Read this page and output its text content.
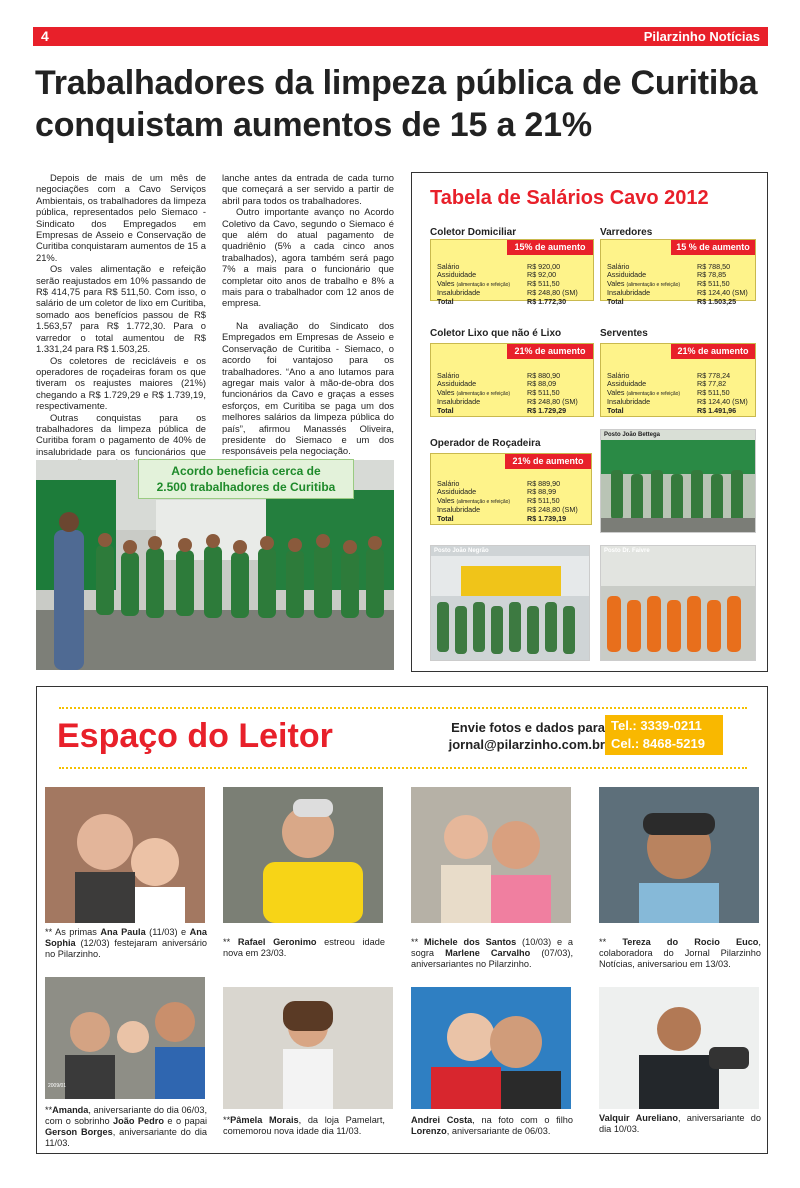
4	Pilarzinho Notícias
Trabalhadores da limpeza pública de Curitiba
conquistam aumentos de 15 a 21%

Depois de mais de um mês de negociações com a Cavo Serviços Ambientais, os trabalhadores da limpeza pública, representados pelo Siemaco - Sindicato dos Empregados em Empresas de Asseio e Conservação de Curitiba conquistaram aumentos de 15 a 21%.

Os vales alimentação e refeição serão reajustados em 10% passando de R$ 414,75 para R$ 511,50. Com isso, o salário de um coletor de lixo em Curitiba, somado aos benefícios passou de R$ 1.563,57 para R$ 1.772,30. Para o varredor o total aumentou de R$ 1.331,24 para R$ 1.503,25.

Os coletores de recicláveis e os operadores de roçadeiras foram os que tiveram os reajustes maiores (21%) chegando a R$ 1.729,29 e R$ 1.739,19, respectivamente.

Outras conquistas para os trabalhadores da limpeza pública de Curitiba foram o pagamento de 40% de insalubridade para os funcionários que

lanche antes da entrada de cada turno que começará a ser servido a partir de abril para todos os trabalhadores.

Outro importante avanço no Acordo Coletivo da Cavo, segundo o Siemaco é que além do atual pagamento de quadriênio (5% a cada cinco anos trabalhados), agora também será pago 7% a mais para o funcionário que completar oito anos de trabalho e 8% a mais para o trabalhador com 12 anos de empresa.

Na avaliação do Sindicato dos Empregados em Empresas de Asseio e Conservação de Curitiba - Siemaco, o acordo foi vantajoso para os trabalhadores. “Ano a ano lutamos para agregar mais valor à mão-de-obra dos funcionários da Cavo e graças a esses esforços, em Curitiba se paga um dos melhores salários da limpeza pública do país”, afirmou Manassés Oliveira, presidente do Siemaco e um dos responsáveis pela negociação.

Acordo beneficia cerca de
2.500 trabalhadores de Curitiba
Tabela de Salários Cavo 2012
Coletor Domiciliar
15% de aumento
Salário	R$ 920,00
Assiduidade	R$ 92,00
Vales (alimentação e refeição)	R$ 511,50
Insalubridade	R$ 248,80 (SM)
Total	R$ 1.772,30
Varredores
15 % de aumento
Salário	R$ 788,50
Assiduidade	R$ 78,85
Vales (alimentação e refeição)	R$ 511,50
Insalubridade	R$ 124,40 (SM)
Total	R$ 1.503,25
Coletor Lixo que não é Lixo
21% de aumento
Salário	R$ 880,90
Assiduidade	R$ 88,09
Vales (alimentação e refeição)	R$ 511,50
Insalubridade	R$ 248,80 (SM)
Total	R$ 1.729,29
Serventes
21% de aumento
Salário	R$ 778,24
Assiduidade	R$ 77,82
Vales (alimentação e refeição)	R$ 511,50
Insalubridade	R$ 124,40 (SM)
Total	R$ 1.491,96
Operador de Roçadeira
21% de aumento
Salário	R$ 889,90
Assiduidade	R$ 88,99
Vales (alimentação e refeição)	R$ 511,50
Insalubridade	R$ 248,80 (SM)
Total	R$ 1.739,19
Posto João Bettega
Posto João Negrão	Posto Dr. Faivre
Espaço do Leitor	Envie fotos e dados para
jornal@pilarzinho.com.br
Tel.: 3339-0211
Cel.: 8468-5219
** As primas Ana Paula (11/03) e Ana Sophia (12/03) festejaram aniversário no Pilarzinho.
** Rafael Geronimo estreou idade nova em 23/03.
** Michele dos Santos (10/03) e a sogra Marlene Carvalho (07/03), aniversariantes no Pilarzinho.
** Tereza do Rocio Euco, colaboradora do Jornal Pilarzinho Notícias, aniversariou em 13/03.
2009/01
**Amanda, aniversariante do dia 06/03, com o sobrinho João Pedro e o papai Gerson Borges, aniversariante do dia 11/03.
**Pâmela Morais, da loja Pamelart, comemorou nova idade dia 11/03.
Andrei Costa, na foto com o filho Lorenzo, aniversariante de 06/03.
Valquir Aureliano, aniversariante do dia 10/03.
